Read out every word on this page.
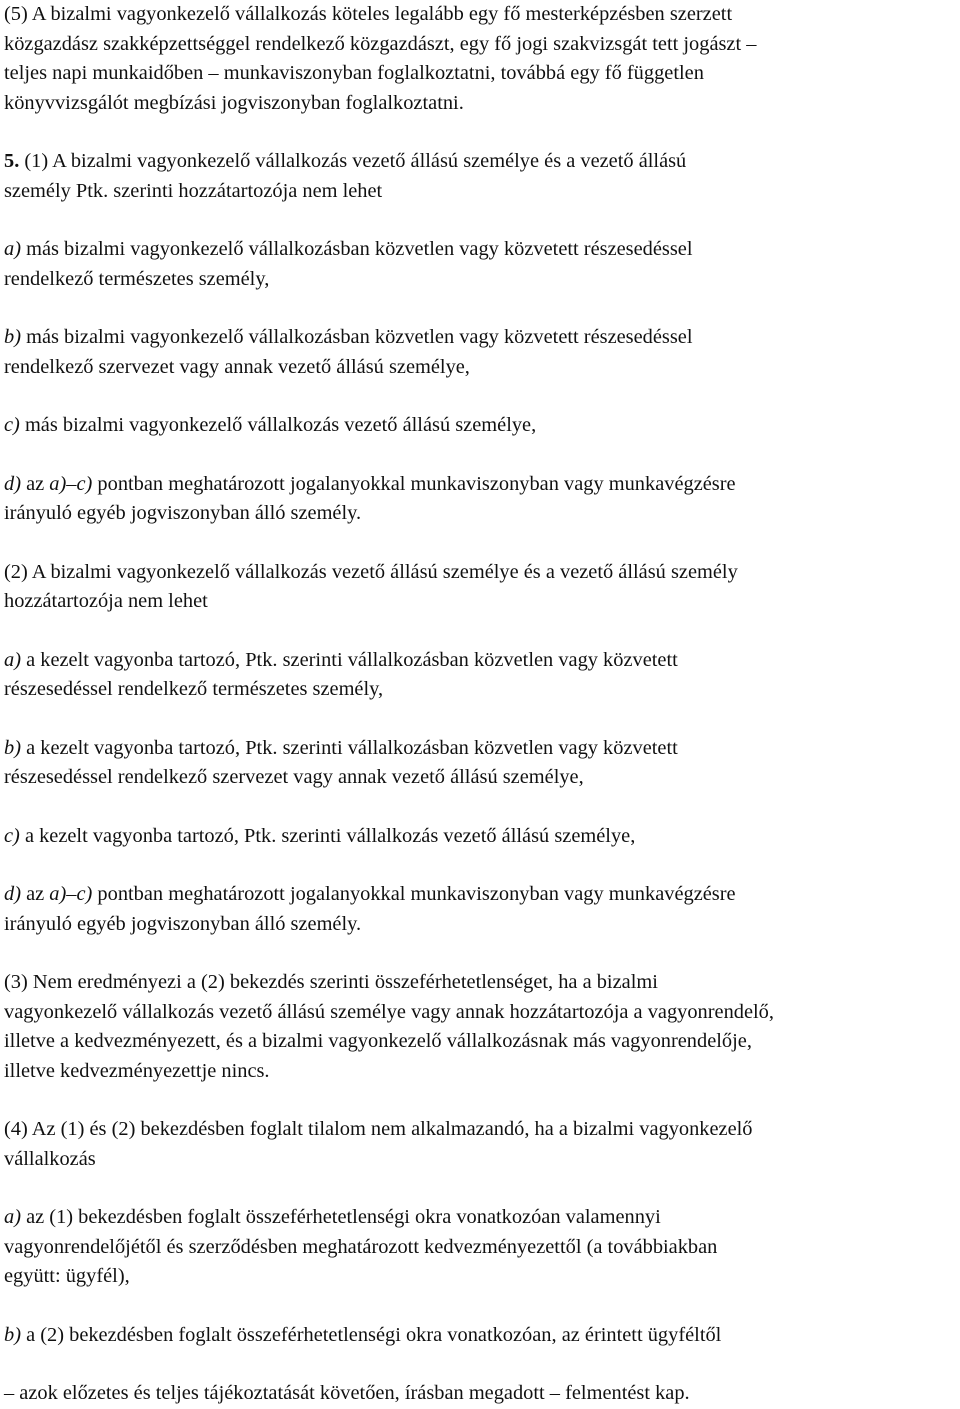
(5) A bizalmi vagyonkezelő vállalkozás köteles legalább egy fő mesterképzésben szerzett

közgazdász szakképzettséggel rendelkező közgazdászt, egy fő jogi szakvizsgát tett jogászt –

teljes napi munkaidőben – munkaviszonyban foglalkoztatni, továbbá egy fő független

könyvvizsgálót megbízási jogviszonyban foglalkoztatni.

5. (1) A bizalmi vagyonkezelő vállalkozás vezető állású személye és a vezető állású

személy Ptk. szerinti hozzátartozója nem lehet

a) más bizalmi vagyonkezelő vállalkozásban közvetlen vagy közvetett részesedéssel

rendelkező természetes személy,

b) más bizalmi vagyonkezelő vállalkozásban közvetlen vagy közvetett részesedéssel

rendelkező szervezet vagy annak vezető állású személye,

c) más bizalmi vagyonkezelő vállalkozás vezető állású személye,

d) az a)–c) pontban meghatározott jogalanyokkal munkaviszonyban vagy munkavégzésre

irányuló egyéb jogviszonyban álló személy.

(2) A bizalmi vagyonkezelő vállalkozás vezető állású személye és a vezető állású személy

hozzátartozója nem lehet

a) a kezelt vagyonba tartozó, Ptk. szerinti vállalkozásban közvetlen vagy közvetett

részesedéssel rendelkező természetes személy,

b) a kezelt vagyonba tartozó, Ptk. szerinti vállalkozásban közvetlen vagy közvetett

részesedéssel rendelkező szervezet vagy annak vezető állású személye,

c) a kezelt vagyonba tartozó, Ptk. szerinti vállalkozás vezető állású személye,

d) az a)–c) pontban meghatározott jogalanyokkal munkaviszonyban vagy munkavégzésre

irányuló egyéb jogviszonyban álló személy.

(3) Nem eredményezi a (2) bekezdés szerinti összeférhetetlenséget, ha a bizalmi

vagyonkezelő vállalkozás vezető állású személye vagy annak hozzátartozója a vagyonrendelő,

illetve a kedvezményezett, és a bizalmi vagyonkezelő vállalkozásnak más vagyonrendelője,

illetve kedvezményezettje nincs.

(4) Az (1) és (2) bekezdésben foglalt tilalom nem alkalmazandó, ha a bizalmi vagyonkezelő

vállalkozás

a) az (1) bekezdésben foglalt összeférhetetlenségi okra vonatkozóan valamennyi

vagyonrendelőjétől és szerződésben meghatározott kedvezményezettől (a továbbiakban

együtt: ügyfél),

b) a (2) bekezdésben foglalt összeférhetetlenségi okra vonatkozóan, az érintett ügyféltől

– azok előzetes és teljes tájékoztatását követően, írásban megadott – felmentést kap.
